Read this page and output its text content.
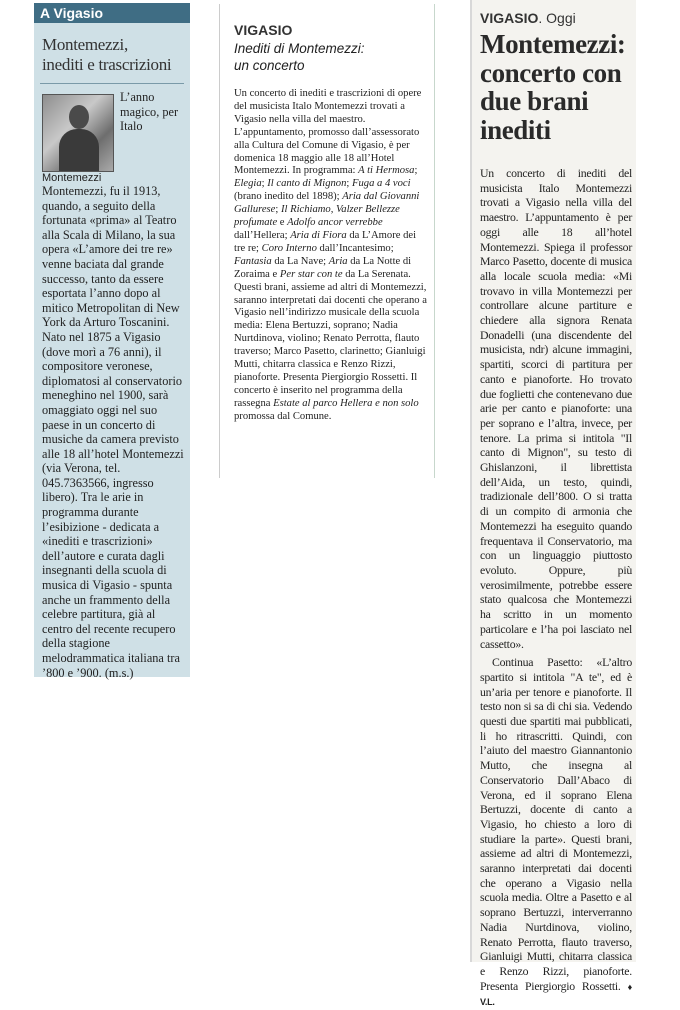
A Vigasio
Montemezzi,
inediti e trascrizioni
Montemezzi

L’anno magico, per Italo Montemezzi, fu il 1913, quando, a seguito della fortunata «prima» al Teatro alla Scala di Milano, la sua opera «L’amore dei tre re» venne baciata dal grande successo, tanto da essere esportata l’anno dopo al mitico Metropolitan di New York da Arturo Toscanini. Nato nel 1875 a Vigasio (dove morì a 76 anni), il compositore veronese, diplomatosi al conservatorio meneghino nel 1900, sarà omaggiato oggi nel suo paese in un concerto di musiche da camera previsto alle 18 all’hotel Montemezzi (via Verona, tel. 045.7363566, ingresso libero). Tra le arie in programma durante l’esibizione - dedicata a «inediti e trascrizioni» dell’autore e curata dagli insegnanti della scuola di musica di Vigasio - spunta anche un frammento della celebre partitura, già al centro del recente recupero della stagione melodrammatica italiana tra ’800 e ’900. (m.s.)

VIGASIO
Inediti di Montemezzi:
un concerto

Un concerto di inediti e trascrizioni di opere del musicista Italo Montemezzi trovati a Vigasio nella villa del maestro. L’appuntamento, promosso dall’assessorato alla Cultura del Comune di Vigasio, è per domenica 18 maggio alle 18 all’Hotel Montemezzi. In programma: A ti Hermosa; Elegia; Il canto di Mignon; Fuga a 4 voci (brano inedito del 1898); Aria dal Giovanni Gallurese; Il Richiamo, Valzer Bellezze profumate e Adolfo ancor verrebbe dall’Hellera; Aria di Fiora da L’Amore dei tre re; Coro Interno dall’Incantesimo; Fantasia da La Nave; Aria da La Notte di Zoraima e Per star con te da La Serenata. Questi brani, assieme ad altri di Montemezzi, saranno interpretati dai docenti che operano a Vigasio nell’indirizzo musicale della scuola media: Elena Bertuzzi, soprano; Nadia Nurtdinova, violino; Renato Perrotta, flauto traverso; Marco Pasetto, clarinetto; Gianluigi Mutti, chitarra classica e Renzo Rizzi, pianoforte. Presenta Piergiorgio Rossetti. Il concerto è inserito nel programma della rassegna Estate al parco Hellera e non solo promossa dal Comune.

VIGASIO. Oggi
Montemezzi: concerto con due brani inediti

Un concerto di inediti del musicista Italo Montemezzi trovati a Vigasio nella villa del maestro. L’appuntamento è per oggi alle 18 all’hotel Montemezzi. Spiega il professor Marco Pasetto, docente di musica alla locale scuola media: «Mi trovavo in villa Montemezzi per controllare alcune partiture e chiedere alla signora Renata Donadelli (una discendente del musicista, ndr) alcune immagini, spartiti, scorci di partitura per canto e pianoforte. Ho trovato due foglietti che contenevano due arie per canto e pianoforte: una per soprano e l’altra, invece, per tenore. La prima si intitola "Il canto di Mignon", su testo di Ghislanzoni, il librettista dell’Aida, un testo, quindi, tradizionale dell’800. O si tratta di un compito di armonia che Montemezzi ha eseguito quando frequentava il Conservatorio, ma con un linguaggio piuttosto evoluto. Oppure, più verosimilmente, potrebbe essere stato qualcosa che Montemezzi ha scritto in un momento particolare e l’ha poi lasciato nel cassetto».

Continua Pasetto: «L’altro spartito si intitola "A te", ed è un’aria per tenore e pianoforte. Il testo non si sa di chi sia. Vedendo questi due spartiti mai pubblicati, li ho ritrascritti. Quindi, con l’aiuto del maestro Giannantonio Mutto, che insegna al Conservatorio Dall’Abaco di Verona, ed il soprano Elena Bertuzzi, docente di canto a Vigasio, ho chiesto a loro di studiare la parte». Questi brani, assieme ad altri di Montemezzi, saranno interpretati dai docenti che operano a Vigasio nella scuola media. Oltre a Pasetto e al soprano Bertuzzi, interverranno Nadia Nurtdinova, violino, Renato Perrotta, flauto traverso, Gianluigi Mutti, chitarra classica e Renzo Rizzi, pianoforte. Presenta Piergiorgio Rossetti. ♦ V.L.
